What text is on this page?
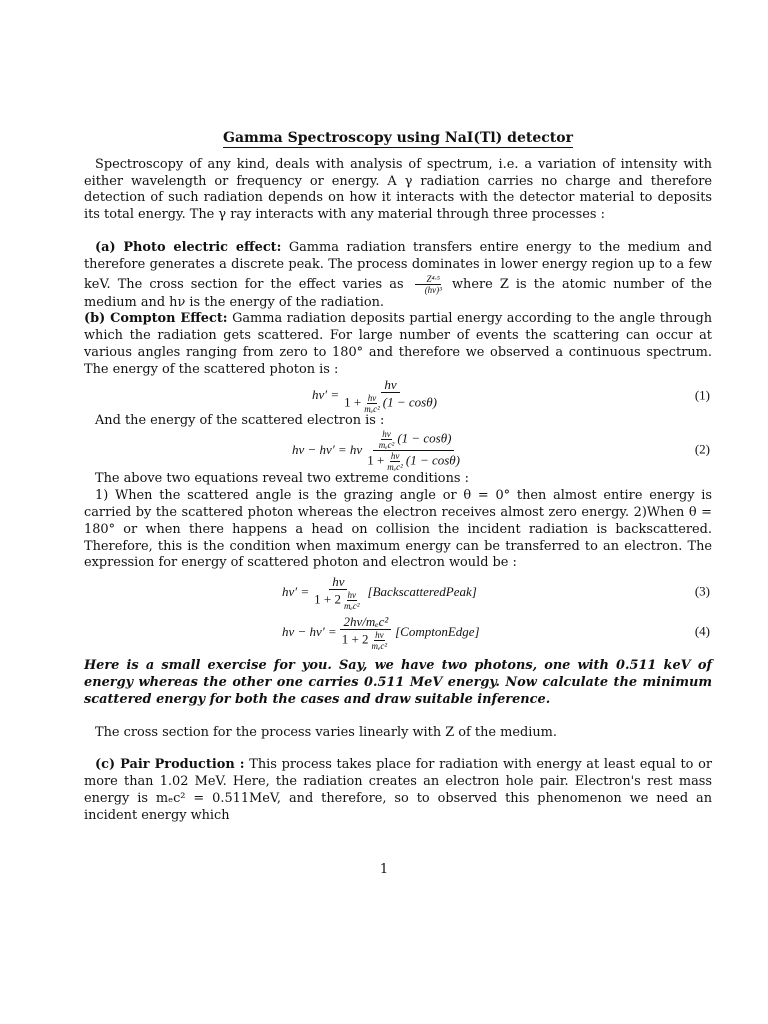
Gamma Spectroscopy using NaI(Tl) detector

Spectroscopy of any kind, deals with analysis of spectrum, i.e. a variation of intensity with either wavelength or frequency or energy. A γ radiation carries no charge and therefore detection of such radiation depends on how it interacts with the detector material to deposits its total energy. The γ ray interacts with any material through three processes :

(a) Photo electric effect: Gamma radiation transfers entire energy to the medium and therefore generates a discrete peak. The process dominates in lower energy region up to a few keV. The cross section for the effect varies as $\frac{\text{Z⁴·⁵}}{\text{(hν)³}}$ where Z is the atomic number of the medium and hν is the energy of the radiation.

(b) Compton Effect: Gamma radiation deposits partial energy according to the angle through which the radiation gets scattered. For large number of events the scattering can occur at various angles ranging from zero to 180° and therefore we observed a continuous spectrum. The energy of the scattered photon is :

$h\nu' = \frac{h\nu}{1 + \frac{h\nu}{\text{mₑc²}} (1 - \cos\theta)}$	(1)

And the energy of the scattered electron is :

hν − hν′ = hν $\frac{\frac{h\nu}{\text{mₑc²}} (1 - \cos\theta)}{1 + \frac{h\nu}{\text{mₑc²}} (1 - \cos\theta)}$	(2)

The above two equations reveal two extreme conditions :

1) When the scattered angle is the grazing angle or θ = 0° then almost entire energy is carried by the scattered photon whereas the electron receives almost zero energy. 2)When θ = 180° or when there happens a head on collision the incident radiation is backscattered. Therefore, this is the condition when maximum energy can be transferred to an electron. The expression for energy of scattered photon and electron would be :

$h\nu' = \frac{h\nu}{1 + 2 \frac{h\nu}{\text{mₑc²}}}$ [BackscatteredPeak]	(3)
$h\nu - h\nu' = \frac{\text{2hν/mₑc²}}{1 + 2 \frac{h\nu}{\text{mₑc²}}}$ [ComptonEdge]	(4)

Here is a small exercise for you. Say, we have two photons, one with 0.511 keV of energy whereas the other one carries 0.511 MeV energy. Now calculate the minimum scattered energy for both the cases and draw suitable inference.

The cross section for the process varies linearly with Z of the medium.

(c) Pair Production : This process takes place for radiation with energy at least equal to or more than 1.02 MeV. Here, the radiation creates an electron hole pair. Electron's rest mass energy is mₑc² = 0.511MeV, and therefore, so to observed this phenomenon we need an incident energy which

1
